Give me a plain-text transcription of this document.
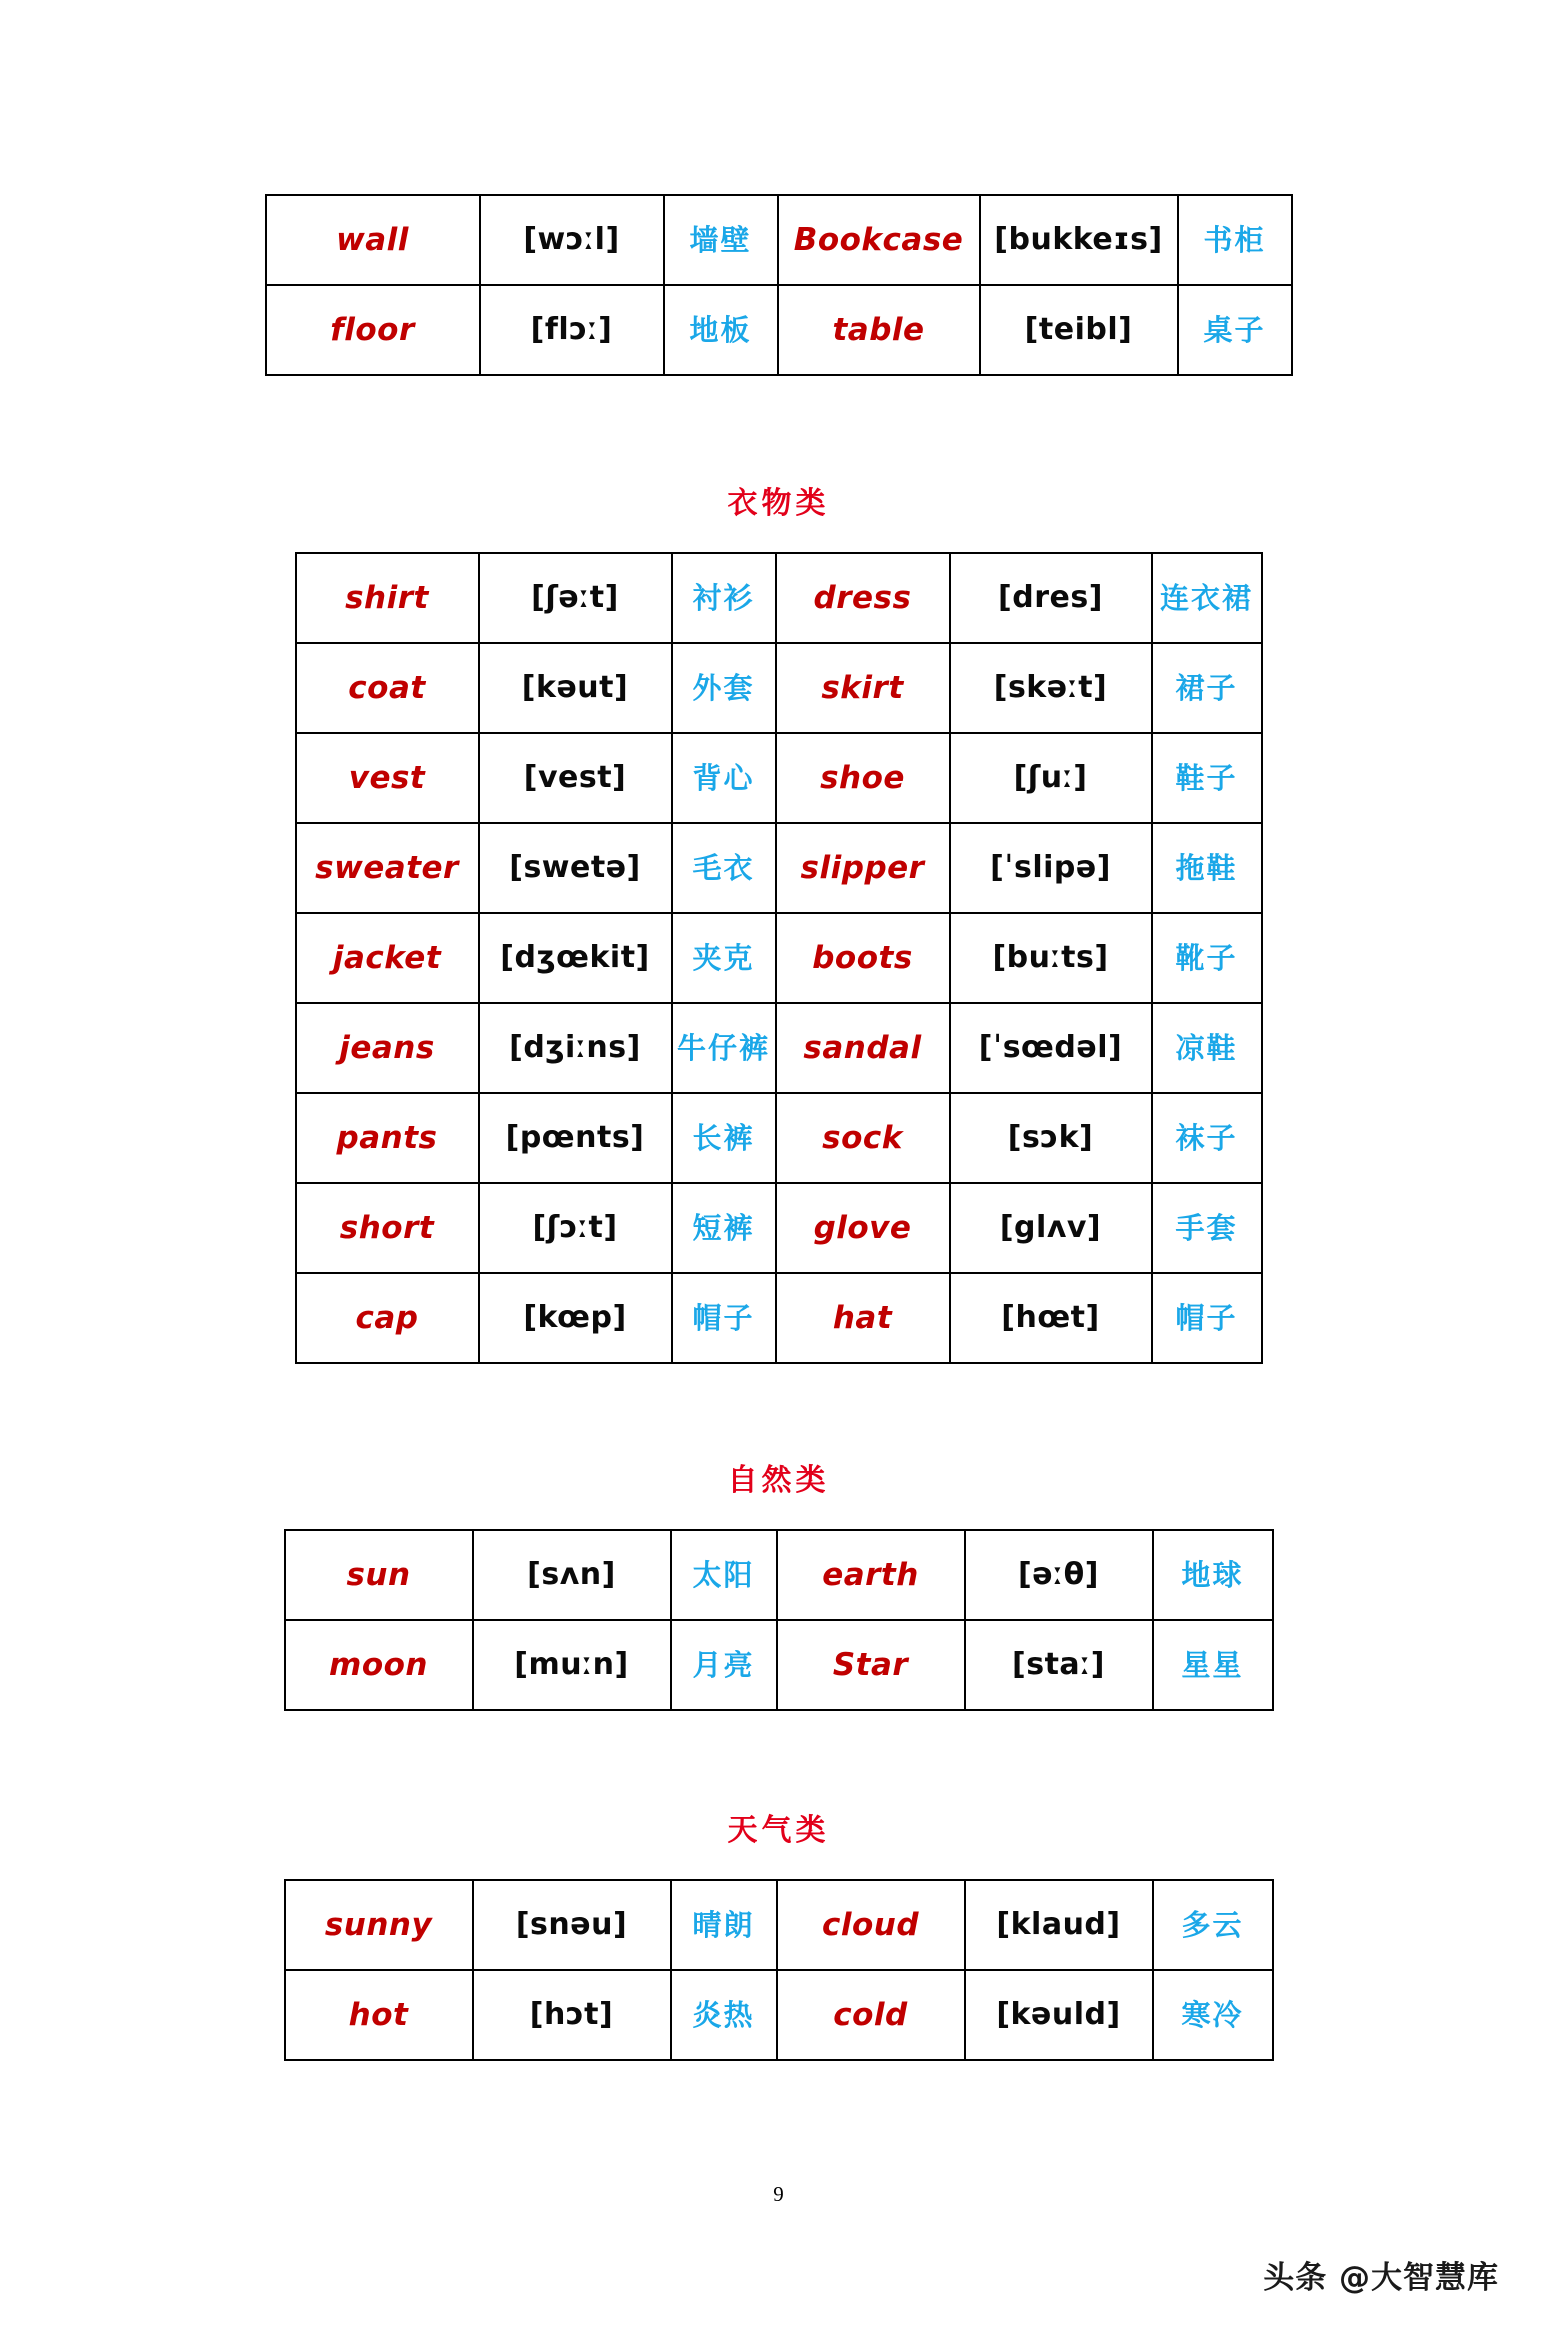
wall	[wɔːl]	墙壁	Bookcase	[bukkeɪs]	书柜
floor	[flɔː]	地板	table	[teibl]	桌子
衣物类
shirt	[ʃəːt]	衬衫	dress	[dres]	连衣裙
coat	[kəut]	外套	skirt	[skəːt]	裙子
vest	[vest]	背心	shoe	[ʃuː]	鞋子
sweater	[swetə]	毛衣	slipper	[ˈslipə]	拖鞋
jacket	[dʒœkit]	夹克	boots	[buːts]	靴子
jeans	[dʒiːns]	牛仔裤	sandal	[ˈsœdəl]	凉鞋
pants	[pœnts]	长裤	sock	[sɔk]	袜子
short	[ʃɔːt]	短裤	glove	[glʌv]	手套
cap	[kœp]	帽子	hat	[hœt]	帽子
自然类
sun	[sʌn]	太阳	earth	[əːθ]	地球
moon	[muːn]	月亮	Star	[staː]	星星
天气类
sunny	[snəu]	晴朗	cloud	[klaud]	多云
hot	[hɔt]	炎热	cold	[kəuld]	寒冷
9
头条 @大智慧库
